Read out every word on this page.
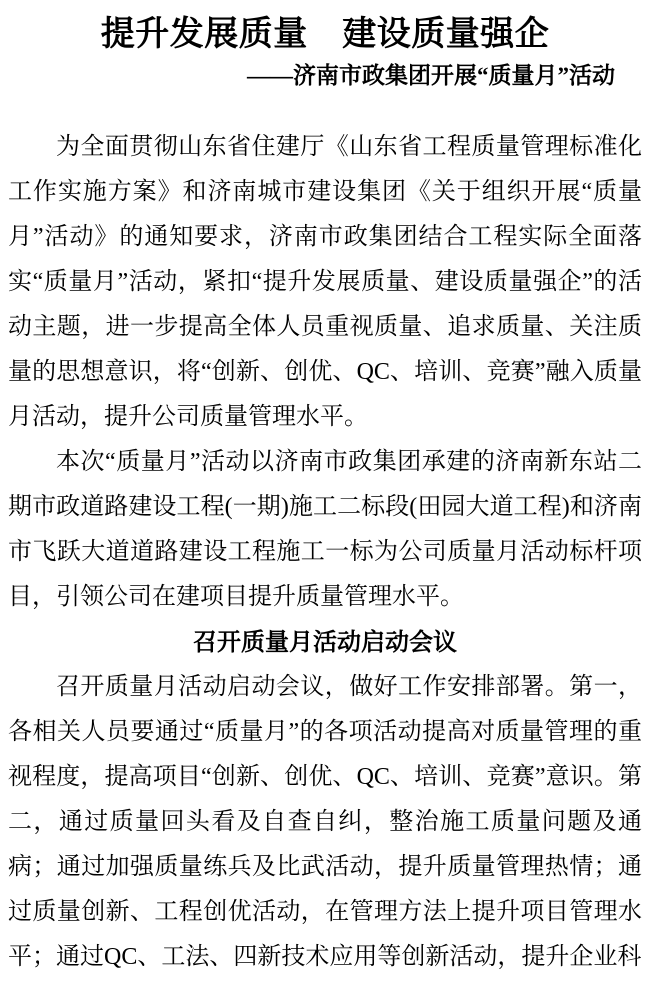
提升发展质量　建设质量强企
——济南市政集团开展“质量月”活动

为全面贯彻山东省住建厅《山东省工程质量管理标准化工作实施方案》和济南城市建设集团《关于组织开展“质量月”活动》的通知要求，济南市政集团结合工程实际全面落实“质量月”活动，紧扣“提升发展质量、建设质量强企”的活动主题，进一步提高全体人员重视质量、追求质量、关注质量的思想意识，将“创新、创优、QC、培训、竞赛”融入质量月活动，提升公司质量管理水平。

本次“质量月”活动以济南市政集团承建的济南新东站二期市政道路建设工程(一期)施工二标段(田园大道工程)和济南市飞跃大道道路建设工程施工一标为公司质量月活动标杆项目，引领公司在建项目提升质量管理水平。

召开质量月活动启动会议

召开质量月活动启动会议，做好工作安排部署。第一，各相关人员要通过“质量月”的各项活动提高对质量管理的重视程度，提高项目“创新、创优、QC、培训、竞赛”意识。第二，通过质量回头看及自查自纠，整治施工质量问题及通病；通过加强质量练兵及比武活动，提升质量管理热情；通过质量创新、工程创优活动，在管理方法上提升项目管理水平；通过QC、工法、四新技术应用等创新活动，提升企业科
